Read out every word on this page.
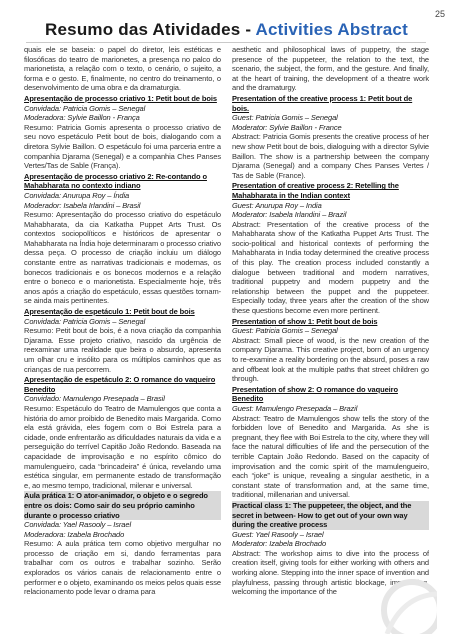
25
Resumo das Atividades - Activities Abstract

quais ele se baseia: o papel do diretor, leis estéticas e filosóficas do teatro de marionetes, a presença no palco do marionetista, a relação com o texto, o cenário, o sujeito, a forma e o gesto. E, finalmente, no centro do treinamento, o desenvolvimento de uma obra e da dramaturgia.

Apresentação de processo criativo 1: Petit bout de bois

Convidada: Patricia Gomis – Senegal

Moderadora: Sylvie Baillon - França

Resumo: Patricia Gomis apresenta o processo criativo de seu novo espetáculo Petit bout de bois, dialogando com a diretora Sylvie Baillon. O espetáculo foi uma parceria entre a companhia Djarama (Senegal) e a companhia Ches Panses Vertes/Tas de Sable (França).

Apresentação de processo criativo 2: Re-contando o Mahabharata no contexto indiano

Convidada: Anurupa Roy – Índia

Moderador: Isabela Irlandini – Brasil

Resumo: Apresentação do processo criativo do espetáculo Mahabharata, da cia Katkatha Puppet Arts Trust. Os contextos sociopolíticos e históricos de apresentar o Mahabharata na Índia hoje determinaram o processo criativo dessa peça. O processo de criação incluiu um diálogo constante entre as narrativas tradicionais e modernas, os bonecos tradicionais e os bonecos modernos e a relação entre o boneco e o marionetista. Especialmente hoje, três anos após a criação do espetáculo, essas questões tornam-se ainda mais pertinentes.

Apresentação de espetáculo 1: Petit bout de bois

Convidada: Patricia Gomis – Senegal

Resumo: Petit bout de bois, é a nova criação da companhia Djarama. Esse projeto criativo, nascido da urgência de reexaminar uma realidade que beira o absurdo, apresenta um olhar cru e insólito para os múltiplos caminhos que as crianças de rua percorrem.

Apresentação de espetáculo 2: O romance do vaqueiro Benedito

Convidado: Mamulengo Presepada – Brasil

Resumo: Espetáculo do Teatro de Mamulengos que conta a história do amor proibido de Benedito mais Margarida. Como ela está grávida, eles fogem com o Boi Estrela para a cidade, onde enfrentarão as dificuldades naturais da vida e a perseguição do terrível Capitão João Redondo. Baseada na capacidade de improvisação e no espírito cômico do mamulengueiro, cada “brincadeira” é única, revelando uma estética singular, em permanente estado de transformação e, ao mesmo tempo, tradicional, milenar e universal.

Aula prática 1: O ator-animador, o objeto e o segredo entre os dois: Como sair do seu próprio caminho durante o processo criativo

Convidada: Yael Rasooly – Israel

Moderadora: Izabela Brochado

Resumo: A aula prática tem como objetivo mergulhar no processo de criação em si, dando ferramentas para trabalhar com os outros e trabalhar sozinho. Serão explorados os vários canais de relacionamento entre o performer e o objeto, examinando os meios pelos quais esse relacionamento pode levar o drama para

aesthetic and philosophical laws of puppetry, the stage presence of the puppeteer, the relation to the text, the scenario, the subject, the form, and the gesture. And finally, at the heart of training, the development of a theatre work and the dramaturgy.

Presentation of the creative process 1: Petit bout de bois.

Guest: Patricia Gomis – Senegal

Moderator: Sylvie Baillon - France

Abstract: Patricia Gomis presents the creative process of her new show Petit bout de bois, dialoguing with a director Sylvie Baillon. The show is a partnership between the company Djarama (Senegal) and a company Ches Panses Vertes / Tas de Sable (France).

Presentation of creative process 2: Retelling the Mahabharata in the Indian context

Guest: Anurupa Roy – India

Moderator: Isabela Irlandini – Brazil

Abstract: Presentation of the creative process of the Mahabharata show of the Katkatha Puppet Arts Trust. The socio-political and historical contexts of performing the Mahabharata in India today determined the creative process of this play. The creation process included constantly a dialogue between traditional and modern narratives, traditional puppetry and modern puppetry and the relationship between the puppet and the puppeteer. Especially today, three years after the creation of the show these questions become even more pertinent.

Presentation of show 1: Petit bout de bois

Guest: Patricia Gomis – Senegal

Abstract: Small piece of wood, is the new creation of the company Djarama. This creative project, born of an urgency to re-examine a reality bordering on the absurd, poses a raw and offbeat look at the multiple paths that street children go through.

Presentation of show 2: O romance do vaqueiro Benedito

Guest: Mamulengo Presepada – Brazil

Abstract: Teatro de Mamulengos show tells the story of the forbidden love of Benedito and Margarida. As she is pregnant, they flee with Boi Estrela to the city, where they will face the natural difficulties of life and the persecution of the terrible Captain João Redondo. Based on the capacity of improvisation and the comic spirit of the mamulengueiro, each “joke” is unique, revealing a singular aesthetic, in a constant state of transformation and, at the same time, traditional, millenarian and universal.

Practical class 1: The puppeteer, the object, and the secret in between- How to get out of your own way during the creative process

Guest: Yael Rasooly – Israel

Moderator: Izabela Brochado

Abstract: The workshop aims to dive into the process of creation itself, giving tools for either working with others and working alone. Stepping into the inner space of invention and playfulness, passing through artistic blockage, improvising, welcoming the importance of the
